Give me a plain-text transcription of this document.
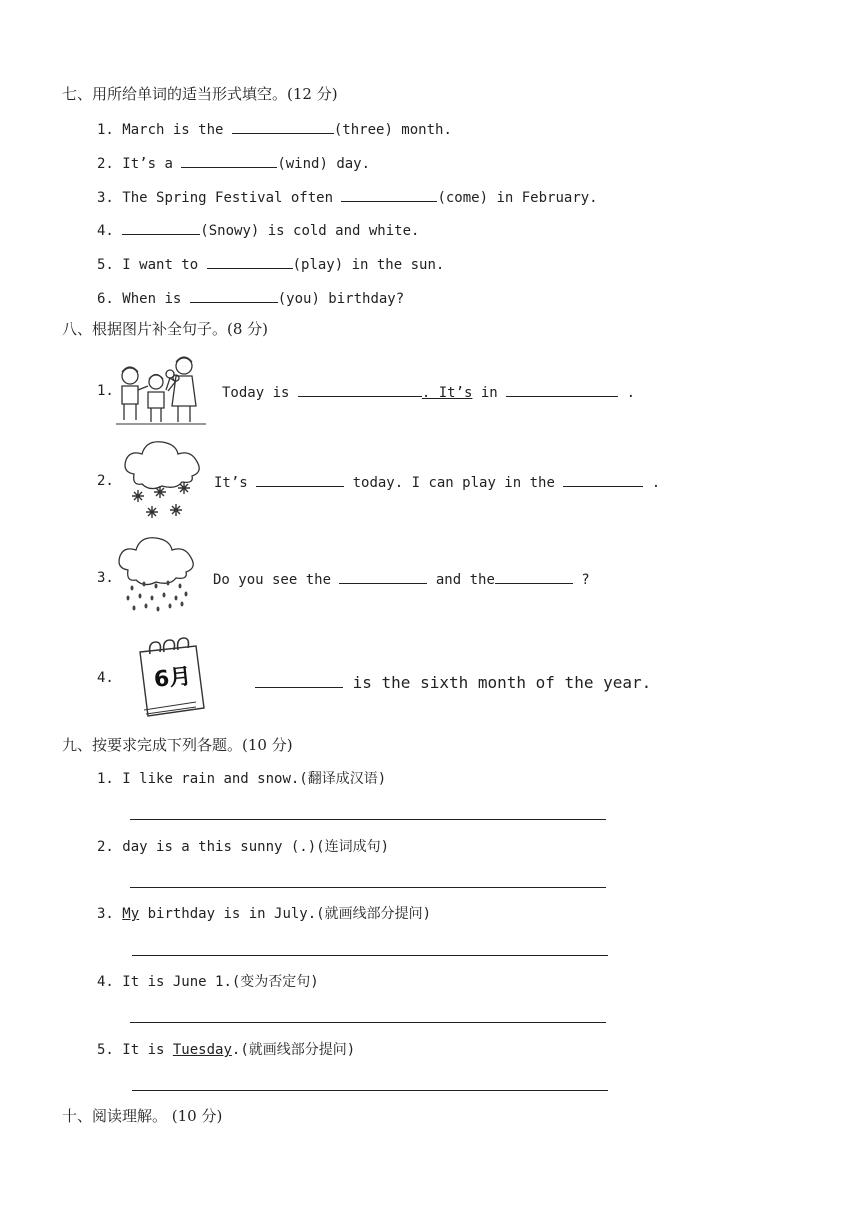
七、用所给单词的适当形式填空。(12 分)
1. March is the	(three) month.
2. It’s a	(wind) day.
3. The Spring Festival often	(come) in February.
4.	(Snowy) is cold and white.
5. I want to	(play) in the sun.
6. When is	(you) birthday?
八、根据图片补全句子。(8 分)
1.	Today is	. It’s in	.
2.	It’s	today. I can play in the	.
3.	Do you see the	and the	?
4. 6月	is the sixth month of the year.
九、按要求完成下列各题。(10 分)
1. I like rain and snow.(翻译成汉语)
2. day is a this sunny (.)(连词成句)
3. My birthday is in July.(就画线部分提问)
4. It is June 1.(变为否定句)
5. It is Tuesday.(就画线部分提问)
十、阅读理解。 (10 分)
